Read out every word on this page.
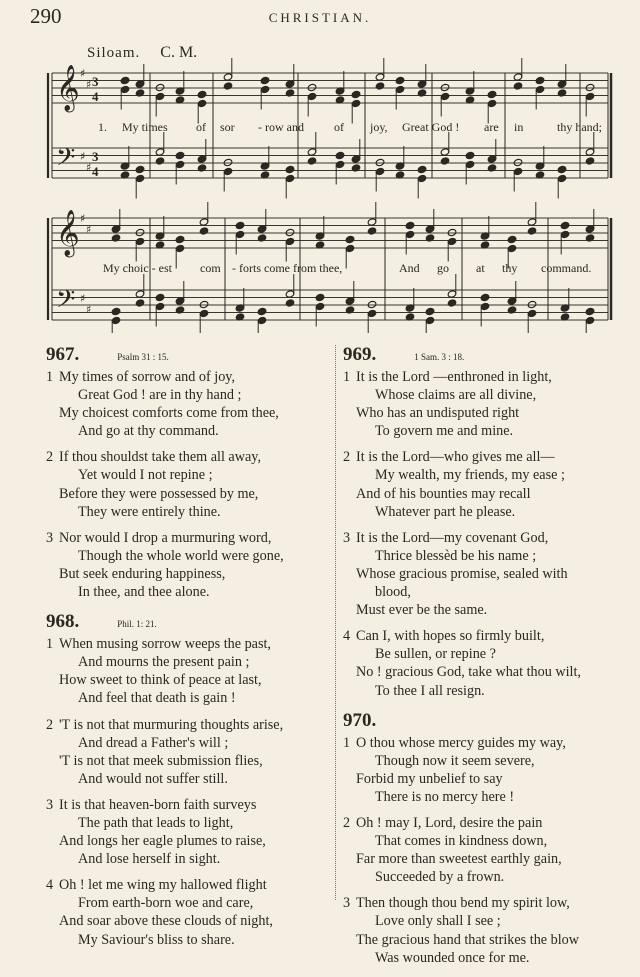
290	CHRISTIAN.
Siloam. C. M.
𝄞
𝄢
𝄞
𝄢
♯
♯
♯
♯
♯
♯
♯
♯
3
4
3
4
1. My times of sor - row and	of joy, Great God ! are in	thy hand;
My choic - est com - forts come from thee,	And go at thy command.
967.	Psalm 31 : 15.
1 My times of sorrow and of joy,
Great God ! are in thy hand ;
My choicest comforts come from thee,
And go at thy command.
2 If thou shouldst take them all away,
Yet would I not repine ;
Before they were possessed by me,
They were entirely thine.
3 Nor would I drop a murmuring word,
Though the whole world were gone,
But seek enduring happiness,
In thee, and thee alone.
968.	Phil. 1: 21.
1 When musing sorrow weeps the past,
And mourns the present pain ;
How sweet to think of peace at last,
And feel that death is gain !
2 'T is not that murmuring thoughts arise,
And dread a Father's will ;
'T is not that meek submission flies,
And would not suffer still.
3 It is that heaven-born faith surveys
The path that leads to light,
And longs her eagle plumes to raise,
And lose herself in sight.
4 Oh ! let me wing my hallowed flight
From earth-born woe and care,
And soar above these clouds of night,
My Saviour's bliss to share.
969.	1 Sam. 3 : 18.
1 It is the Lord —enthroned in light,
Whose claims are all divine,
Who has an undisputed right
To govern me and mine.
2 It is the Lord—who gives me all—
My wealth, my friends, my ease ;
And of his bounties may recall
Whatever part he please.
3 It is the Lord—my covenant God,
Thrice blessèd be his name ;
Whose gracious promise, sealed with
blood,
Must ever be the same.
4 Can I, with hopes so firmly built,
Be sullen, or repine ?
No ! gracious God, take what thou wilt,
To thee I all resign.
970.
1 O thou whose mercy guides my way,
Though now it seem severe,
Forbid my unbelief to say
There is no mercy here !
2 Oh ! may I, Lord, desire the pain
That comes in kindness down,
Far more than sweetest earthly gain,
Succeeded by a frown.
3 Then though thou bend my spirit low,
Love only shall I see ;
The gracious hand that strikes the blow
Was wounded once for me.
